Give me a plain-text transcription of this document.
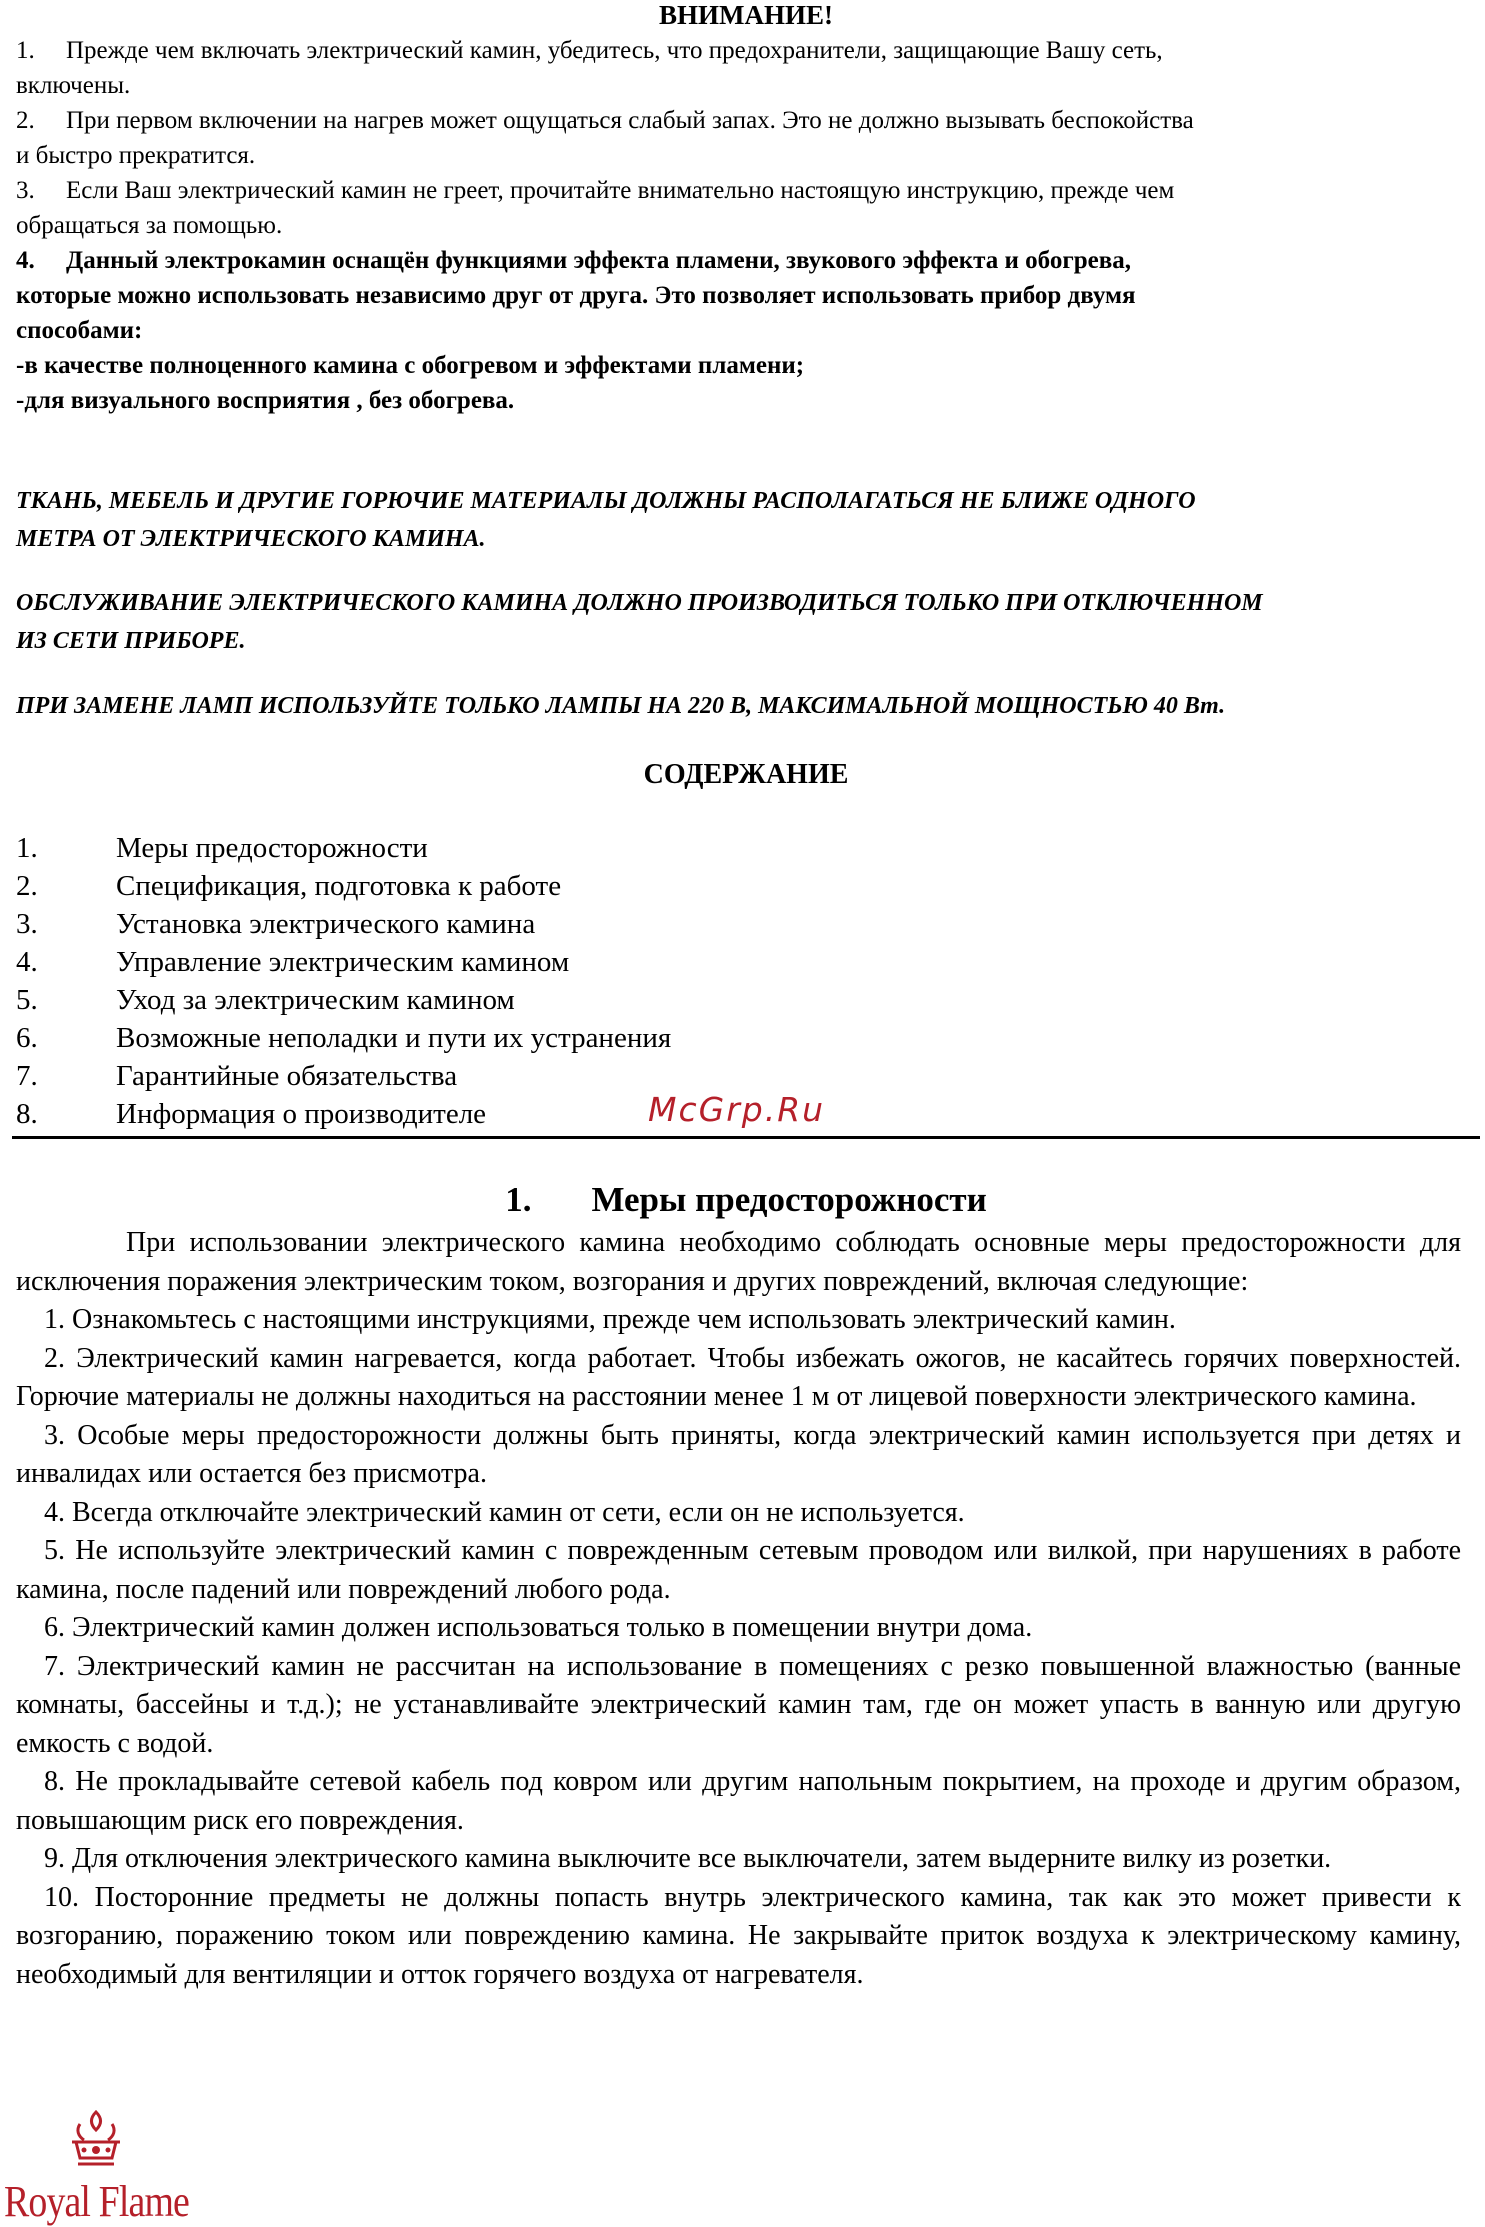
ВНИМАНИЕ!

1. Прежде чем включать электрический камин, убедитесь, что предохранители, защищающие Вашу сеть,
включены.
2. При первом включении на нагрев может ощущаться слабый запах. Это не должно вызывать беспокойства
и быстро прекратится.
3. Если Ваш электрический камин не греет, прочитайте внимательно настоящую инструкцию, прежде чем
обращаться за помощью.
4. Данный электрокамин оснащён функциями эффекта пламени, звукового эффекта и обогрева,
которые можно использовать независимо друг от друга. Это позволяет использовать прибор двумя
способами:
-в качестве полноценного камина с обогревом и эффектами пламени;
-для визуального восприятия , без обогрева.

ТКАНЬ, МЕБЕЛЬ И ДРУГИЕ ГОРЮЧИЕ МАТЕРИАЛЫ ДОЛЖНЫ РАСПОЛАГАТЬСЯ НЕ БЛИЖЕ ОДНОГО

МЕТРА ОТ ЭЛЕКТРИЧЕСКОГО КАМИНА.

ОБСЛУЖИВАНИЕ ЭЛЕКТРИЧЕСКОГО КАМИНА ДОЛЖНО ПРОИЗВОДИТЬСЯ ТОЛЬКО ПРИ ОТКЛЮЧЕННОМ

ИЗ СЕТИ ПРИБОРЕ.

ПРИ ЗАМЕНЕ ЛАМП ИСПОЛЬЗУЙТЕ ТОЛЬКО ЛАМПЫ НА 220 В, МАКСИМАЛЬНОЙ МОЩНОСТЬЮ 40 Вт.

СОДЕРЖАНИЕ

1.	Меры предосторожности
2.	Спецификация, подготовка к работе
3.	Установка электрического камина
4.	Управление электрическим камином
5.	Уход за электрическим камином
6.	Возможные неполадки и пути их устранения
7.	Гарантийные обязательства
8.	Информация о производителе	McGrp.Ru
1. Меры предосторожности

При использовании электрического камина необходимо соблюдать основные меры предосторожности для исключения поражения электрическим током, возгорания и других повреждений, включая следующие:

1. Ознакомьтесь с настоящими инструкциями, прежде чем использовать электрический камин.

2. Электрический камин нагревается, когда работает. Чтобы избежать ожогов, не касайтесь горячих поверхностей. Горючие материалы не должны находиться на расстоянии менее 1 м от лицевой поверхности электрического камина.

3. Особые меры предосторожности должны быть приняты, когда электрический камин используется при детях и инвалидах или остается без присмотра.

4. Всегда отключайте электрический камин от сети, если он не используется.

5. Не используйте электрический камин с поврежденным сетевым проводом или вилкой, при нарушениях в работе камина, после падений или повреждений любого рода.

6. Электрический камин должен использоваться только в помещении внутри дома.

7. Электрический камин не рассчитан на использование в помещениях с резко повышенной влажностью (ванные комнаты, бассейны и т.д.); не устанавливайте электрический камин там, где он может упасть в ванную или другую емкость с водой.

8. Не прокладывайте сетевой кабель под ковром или другим напольным покрытием, на проходе и другим образом, повышающим риск его повреждения.

9. Для отключения электрического камина выключите все выключатели, затем выдерните вилку из розетки.

10. Посторонние предметы не должны попасть внутрь электрического камина, так как это может привести к возгоранию, поражению током или повреждению камина. Не закрывайте приток воздуха к электрическому камину, необходимый для вентиляции и отток горячего воздуха от нагревателя.

Royal Flame
